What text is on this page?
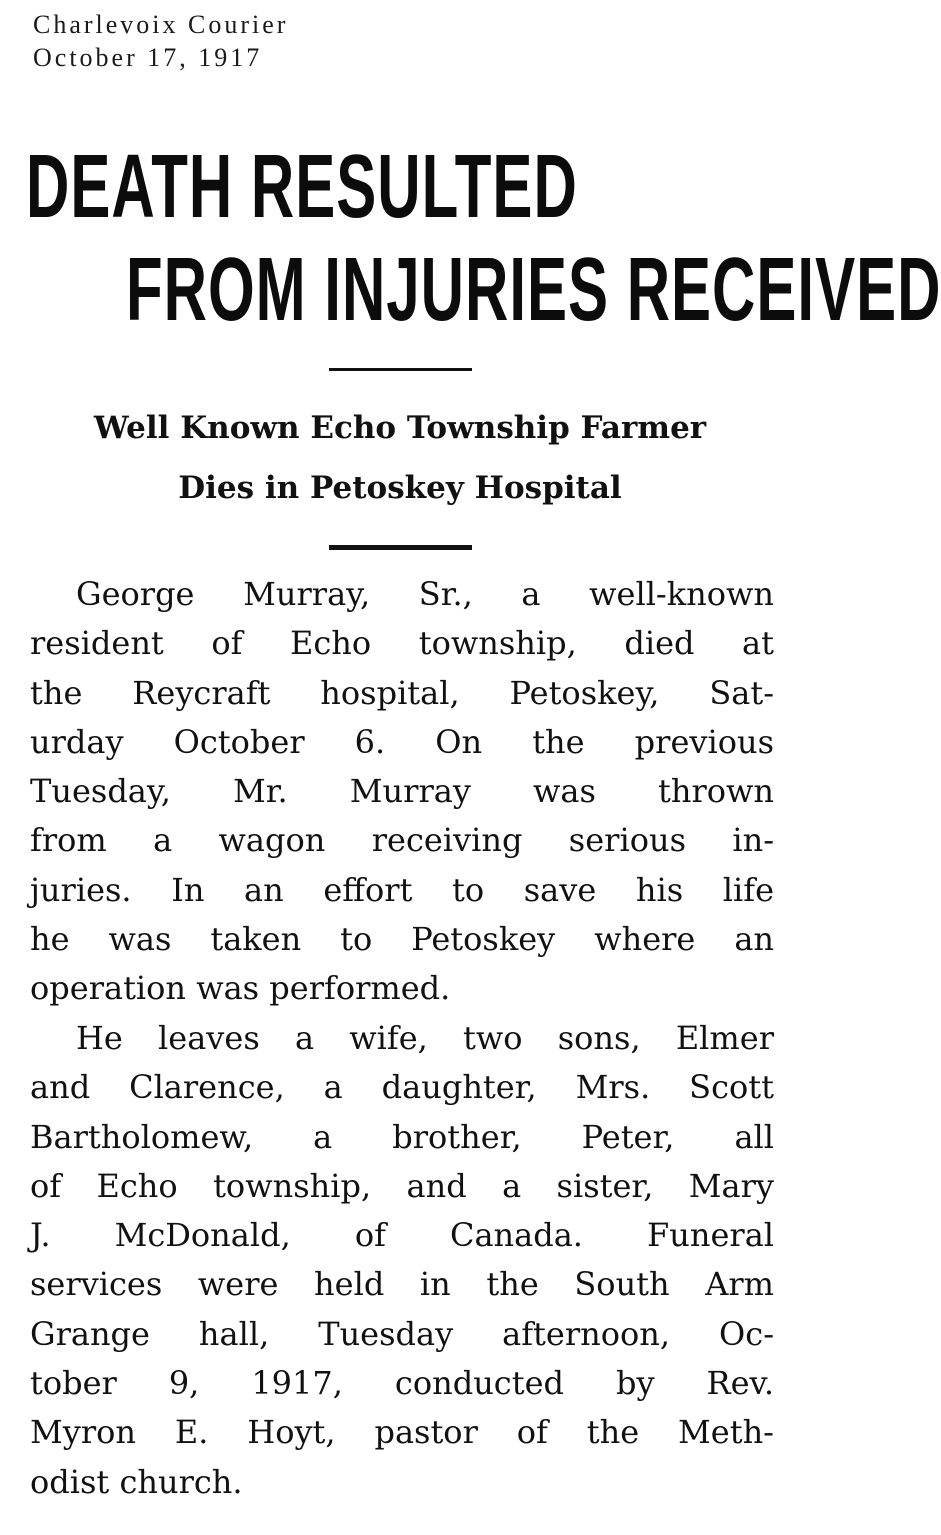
Charlevoix Courier
October 17, 1917
DEATH RESULTED
FROM INJURIES RECEIVED
Well Known Echo Township Farmer
Dies in Petoskey Hospital
George Murray, Sr., a well-known
resident of Echo township, died at
the Reycraft hospital, Petoskey, Sat-
urday October 6. On the previous
Tuesday, Mr. Murray was thrown
from a wagon receiving serious in-
juries. In an effort to save his life
he was taken to Petoskey where an
operation was performed.
He leaves a wife, two sons, Elmer
and Clarence, a daughter, Mrs. Scott
Bartholomew, a brother, Peter, all
of Echo township, and a sister, Mary
J. McDonald, of Canada. Funeral
services were held in the South Arm
Grange hall, Tuesday afternoon, Oc-
tober 9, 1917, conducted by Rev.
Myron E. Hoyt, pastor of the Meth-
odist church.
